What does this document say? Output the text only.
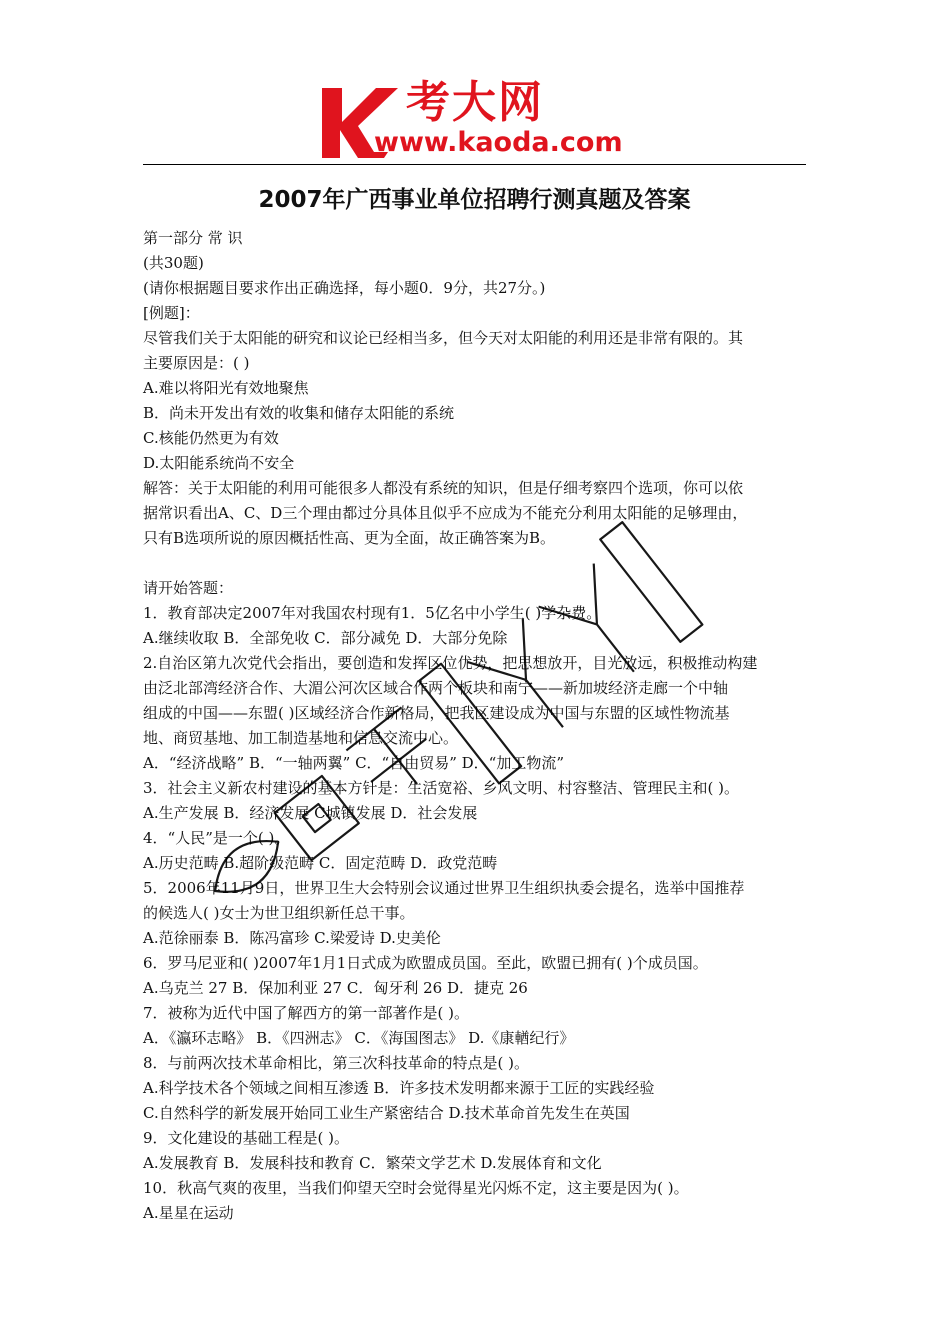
考大网
www.kaoda.com
2007年广西事业单位招聘行测真题及答案
第一部分 常 识
(共30题)
(请你根据题目要求作出正确选择，每小题0．9分，共27分。)
[例题]：
尽管我们关于太阳能的研究和议论已经相当多，但今天对太阳能的利用还是非常有限的。其
主要原因是：( )
A.难以将阳光有效地聚焦
B．尚未开发出有效的收集和储存太阳能的系统
C.核能仍然更为有效
D.太阳能系统尚不安全
解答：关于太阳能的利用可能很多人都没有系统的知识，但是仔细考察四个选项，你可以依
据常识看出A、C、D三个理由都过分具体且似乎不应成为不能充分利用太阳能的足够理由，
只有B选项所说的原因概括性高、更为全面，故正确答案为B。
请开始答题：
1．教育部决定2007年对我国农村现有1．5亿名中小学生( )学杂费。
A.继续收取 B．全部免收 C．部分减免 D．大部分免除
2.自治区第九次党代会指出，要创造和发挥区位优势，把思想放开，目光放远，积极推动构建
由泛北部湾经济合作、大湄公河次区域合作两个板块和南宁——新加坡经济走廊一个中轴
组成的中国——东盟( )区域经济合作新格局，把我区建设成为中国与东盟的区域性物流基
地、商贸基地、加工制造基地和信息交流中心。
A．“经济战略” B．“一轴两翼” C．“自由贸易” D．“加工物流”
3．社会主义新农村建设的基本方针是：生活宽裕、乡风文明、村容整洁、管理民主和( )。
A.生产发展 B．经济发展 C城镇发展 D．社会发展
4．“人民”是一个( )。
A.历史范畴 B.超阶级范畴 C．固定范畴 D．政党范畴
5．2006年11月9日，世界卫生大会特别会议通过世界卫生组织执委会提名，选举中国推荐
的候选人( )女士为世卫组织新任总干事。
A.范徐丽泰 B．陈冯富珍 C.梁爱诗 D.史美伦
6．罗马尼亚和( )2007年1月1日式成为欧盟成员国。至此，欧盟已拥有( )个成员国。
A.乌克兰 27 B．保加利亚 27 C．匈牙利 26 D．捷克 26
7．被称为近代中国了解西方的第一部著作是( )。
A．《瀛环志略》 B．《四洲志》 C．《海国图志》 D.《康輶纪行》
8．与前两次技术革命相比，第三次科技革命的特点是( )。
A.科学技术各个领域之间相互渗透 B．许多技术发明都来源于工匠的实践经验
C.自然科学的新发展开始同工业生产紧密结合 D.技术革命首先发生在英国
9．文化建设的基础工程是( )。
A.发展教育 B．发展科技和教育 C．繁荣文学艺术 D.发展体育和文化
10．秋高气爽的夜里，当我们仰望天空时会觉得星光闪烁不定，这主要是因为( )。
A.星星在运动
